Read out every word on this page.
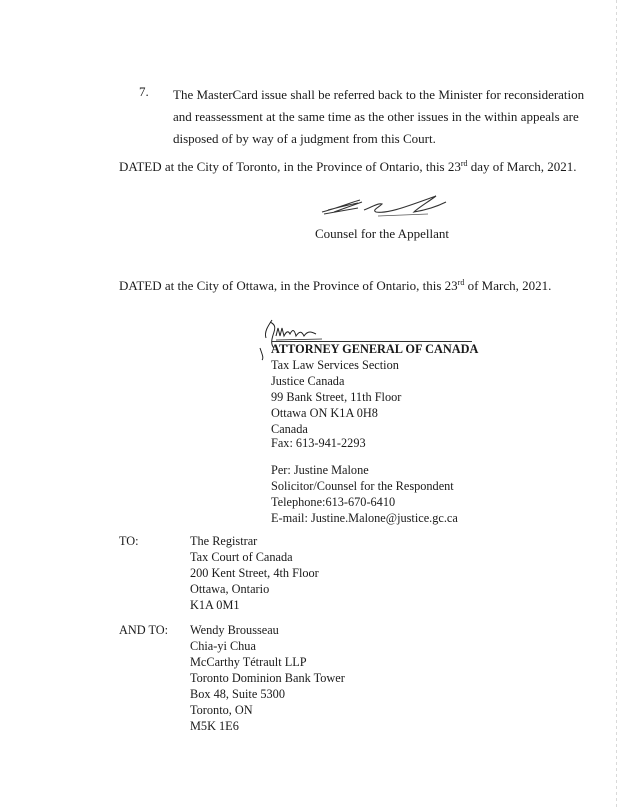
7. The MasterCard issue shall be referred back to the Minister for reconsideration
and reassessment at the same time as the other issues in the within appeals are
disposed of by way of a judgment from this Court.
DATED at the City of Toronto, in the Province of Ontario, this 23rd day of March, 2021.
Counsel for the Appellant
DATED at the City of Ottawa, in the Province of Ontario, this 23rd of March, 2021.
ATTORNEY GENERAL OF CANADA
Tax Law Services Section
Justice Canada
99 Bank Street, 11th Floor
Ottawa ON K1A 0H8
Canada
Fax: 613-941-2293
Per: Justine Malone
Solicitor/Counsel for the Respondent
Telephone:613-670-6410
E-mail: Justine.Malone@justice.gc.ca
TO:	The Registrar
Tax Court of Canada
200 Kent Street, 4th Floor
Ottawa, Ontario
K1A 0M1
AND TO: Wendy Brousseau
Chia-yi Chua
McCarthy Tétrault LLP
Toronto Dominion Bank Tower
Box 48, Suite 5300
Toronto, ON
M5K 1E6
